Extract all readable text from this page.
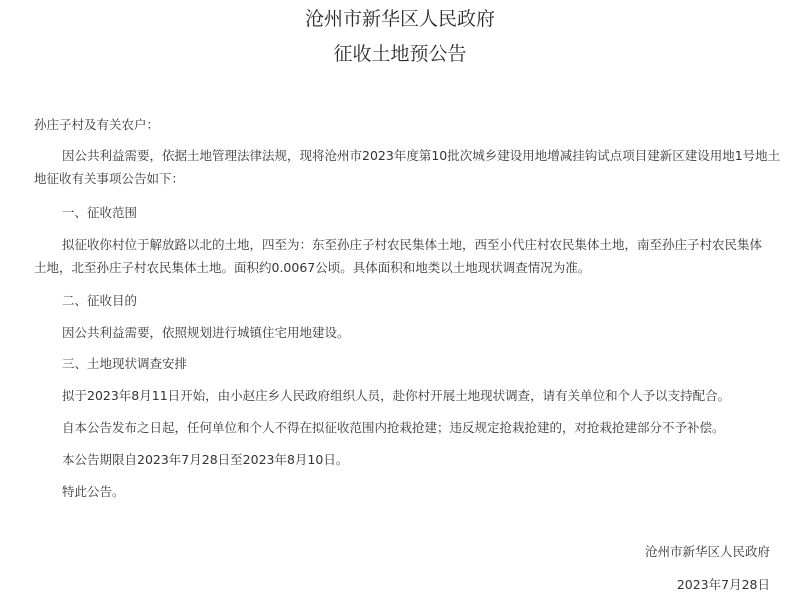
沧州市新华区人民政府
征收土地预公告

孙庄子村及有关农户：

因公共利益需要，依据土地管理法律法规，现将沧州市2023年度第10批次城乡建设用地增减挂钩试点项目建新区建设用地1号地土

地征收有关事项公告如下：

一、征收范围

拟征收你村位于解放路以北的土地，四至为：东至孙庄子村农民集体土地，西至小代庄村农民集体土地，南至孙庄子村农民集体

土地，北至孙庄子村农民集体土地。面积约0.0067公顷。具体面积和地类以土地现状调查情况为准。

二、征收目的

因公共利益需要，依照规划进行城镇住宅用地建设。

三、土地现状调查安排

拟于2023年8月11日开始，由小赵庄乡人民政府组织人员，赴你村开展土地现状调查，请有关单位和个人予以支持配合。

自本公告发布之日起，任何单位和个人不得在拟征收范围内抢栽抢建；违反规定抢栽抢建的，对抢栽抢建部分不予补偿。

本公告期限自2023年7月28日至2023年8月10日。

特此公告。

沧州市新华区人民政府

2023年7月28日
